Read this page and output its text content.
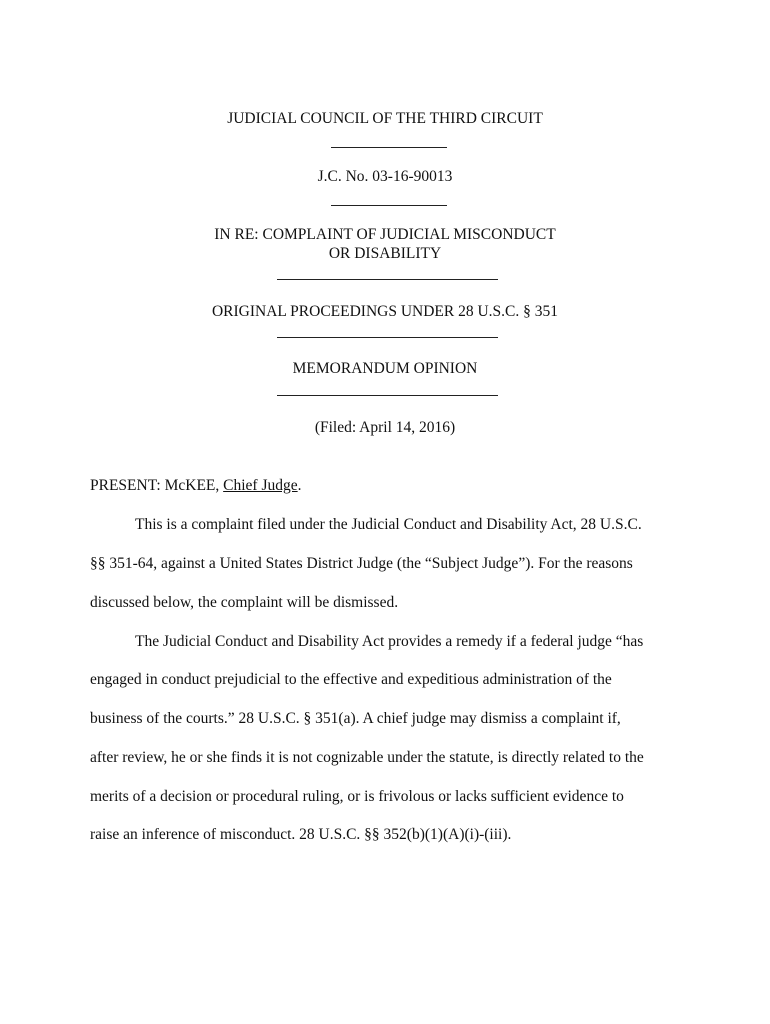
JUDICIAL COUNCIL OF THE THIRD CIRCUIT
J.C. No. 03-16-90013
IN RE: COMPLAINT OF JUDICIAL MISCONDUCT
OR DISABILITY
ORIGINAL PROCEEDINGS UNDER 28 U.S.C. § 351
MEMORANDUM OPINION
(Filed: April 14, 2016)
PRESENT: McKEE, Chief Judge.
This is a complaint filed under the Judicial Conduct and Disability Act, 28 U.S.C.
§§ 351-64, against a United States District Judge (the “Subject Judge”). For the reasons
discussed below, the complaint will be dismissed.
The Judicial Conduct and Disability Act provides a remedy if a federal judge “has
engaged in conduct prejudicial to the effective and expeditious administration of the
business of the courts.” 28 U.S.C. § 351(a). A chief judge may dismiss a complaint if,
after review, he or she finds it is not cognizable under the statute, is directly related to the
merits of a decision or procedural ruling, or is frivolous or lacks sufficient evidence to
raise an inference of misconduct. 28 U.S.C. §§ 352(b)(1)(A)(i)-(iii).
